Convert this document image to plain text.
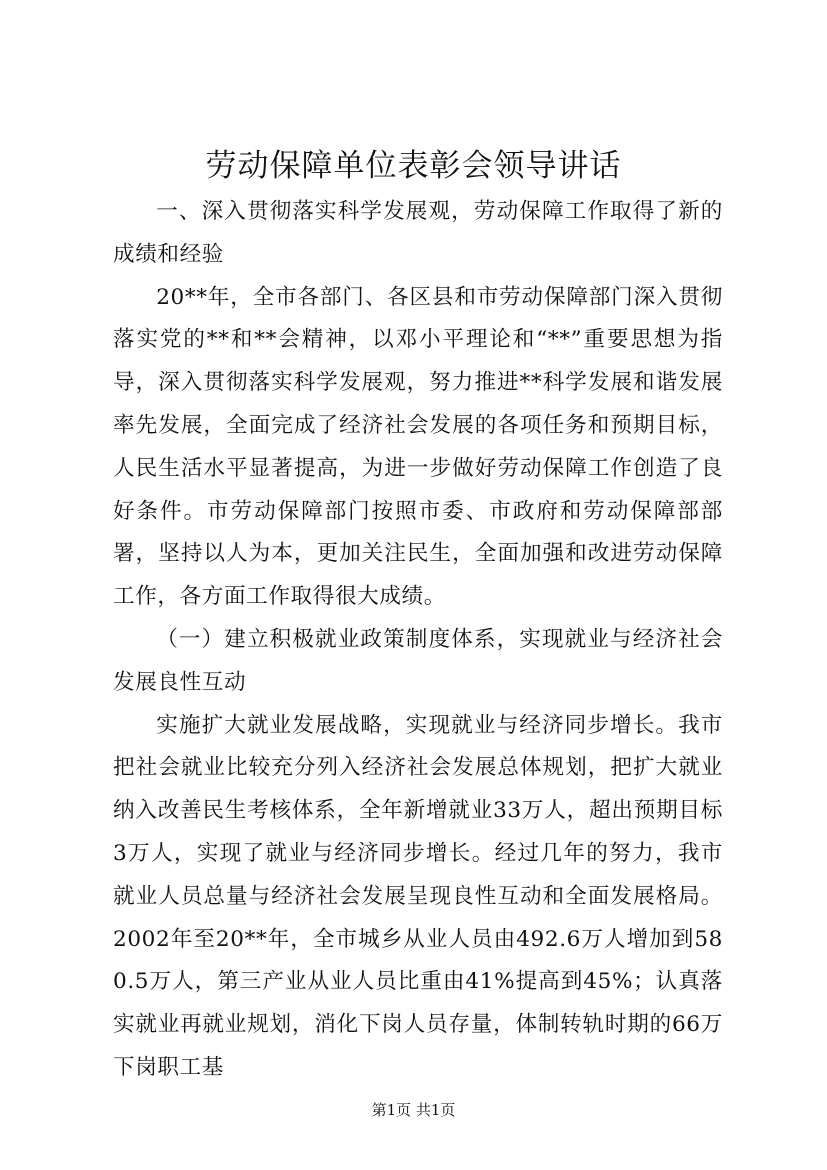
劳动保障单位表彰会领导讲话

一、深入贯彻落实科学发展观，劳动保障工作取得了新的成绩和经验

20**年，全市各部门、各区县和市劳动保障部门深入贯彻落实党的**和**会精神，以邓小平理论和“**”重要思想为指导，深入贯彻落实科学发展观，努力推进**科学发展和谐发展率先发展，全面完成了经济社会发展的各项任务和预期目标，人民生活水平显著提高，为进一步做好劳动保障工作创造了良好条件。市劳动保障部门按照市委、市政府和劳动保障部部署，坚持以人为本，更加关注民生，全面加强和改进劳动保障工作，各方面工作取得很大成绩。

（一）建立积极就业政策制度体系，实现就业与经济社会发展良性互动

实施扩大就业发展战略，实现就业与经济同步增长。我市把社会就业比较充分列入经济社会发展总体规划，把扩大就业纳入改善民生考核体系，全年新增就业33万人，超出预期目标3万人，实现了就业与经济同步增长。经过几年的努力，我市就业人员总量与经济社会发展呈现良性互动和全面发展格局。2002年至20**年，全市城乡从业人员由492.6万人增加到580.5万人，第三产业从业人员比重由41%提高到45%；认真落实就业再就业规划，消化下岗人员存量，体制转轨时期的66万下岗职工基

第1页 共1页
